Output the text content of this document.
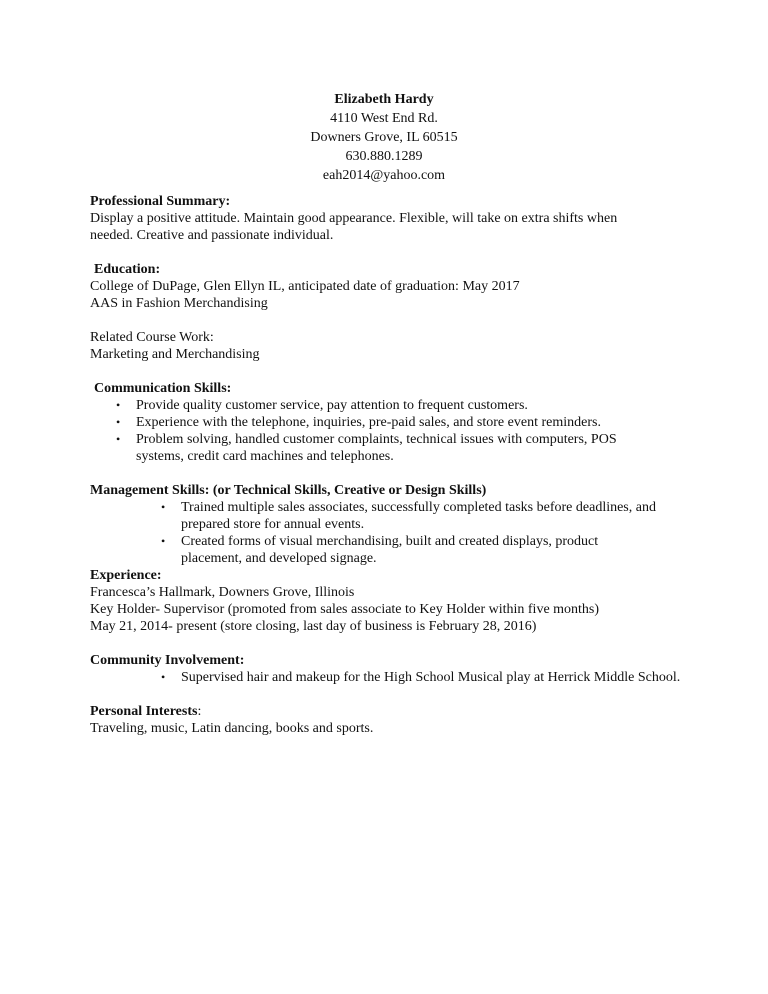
Elizabeth Hardy
4110 West End Rd.
Downers Grove, IL 60515
630.880.1289
eah2014@yahoo.com
Professional Summary:
Display a positive attitude. Maintain good appearance. Flexible, will take on extra shifts when
needed. Creative and passionate individual.
Education:
College of DuPage, Glen Ellyn IL, anticipated date of graduation: May 2017
AAS in Fashion Merchandising
Related Course Work:
Marketing and Merchandising
Communication Skills:
• Provide quality customer service, pay attention to frequent customers.
• Experience with the telephone, inquiries, pre-paid sales, and store event reminders.
• Problem solving, handled customer complaints, technical issues with computers, POS systems, credit card machines and telephones.
Management Skills: (or Technical Skills, Creative or Design Skills)
• Trained multiple sales associates, successfully completed tasks before deadlines, and prepared store for annual events.
• Created forms of visual merchandising, built and created displays, product placement, and developed signage.
Experience:
Francesca’s Hallmark, Downers Grove, Illinois
Key Holder- Supervisor (promoted from sales associate to Key Holder within five months)
May 21, 2014- present (store closing, last day of business is February 28, 2016)
Community Involvement:
• Supervised hair and makeup for the High School Musical play at Herrick Middle School.
Personal Interests:
Traveling, music, Latin dancing, books and sports.
